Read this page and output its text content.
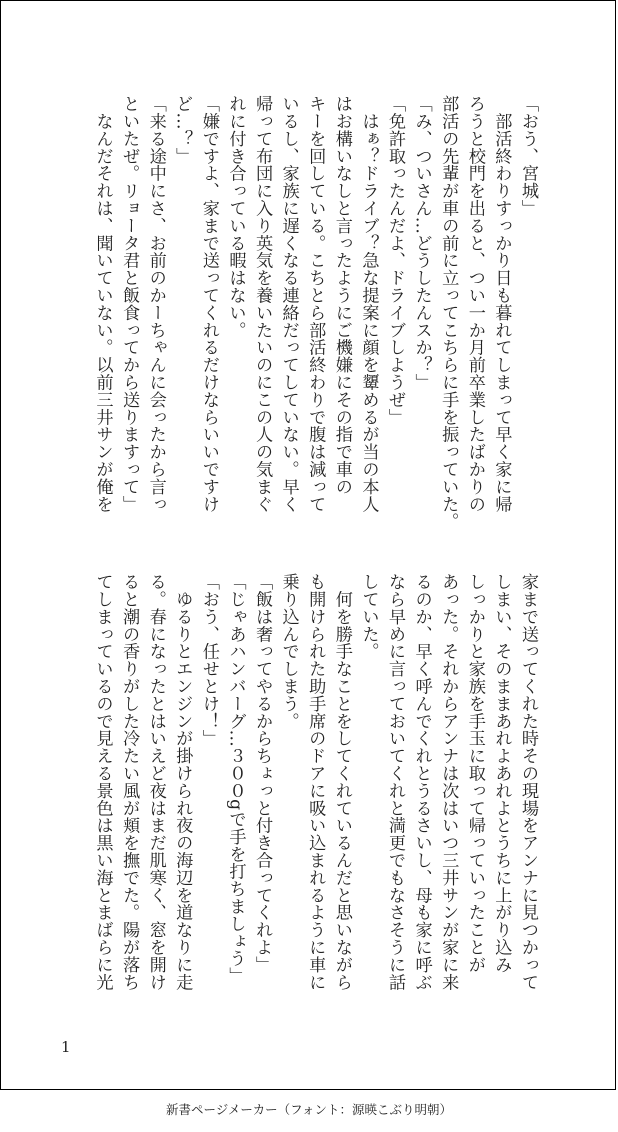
「おう、宮城」

　部活終わりすっかり日も暮れてしまって早く家に帰

ろうと校門を出ると、つい一か月前卒業したばかりの

部活の先輩が車の前に立ってこちらに手を振っていた。

「み、ついさん…どうしたんスか？」

「免許取ったんだよ、ドライブしようぜ」

　はぁ？ドライブ？急な提案に顔を顰めるが当の本人

はお構いなしと言ったようにご機嫌にその指で車の

キーを回している。こちとら部活終わりで腹は減って

いるし、家族に遅くなる連絡だってしていない。早く

帰って布団に入り英気を養いたいのにこの人の気まぐ

れに付き合っている暇はない。

「嫌ですよ、家まで送ってくれるだけならいいですけ

ど…？」

「来る途中にさ、お前のかーちゃんに会ったから言っ

といたぜ。リョータ君と飯食ってから送りますって」

　なんだそれは、聞いていない。以前三井サンが俺を

家まで送ってくれた時その現場をアンナに見つかって

しまい、そのままあれよあれよとうちに上がり込み

しっかりと家族を手玉に取って帰っていったことが

あった。それからアンナは次はいつ三井サンが家に来

るのか、早く呼んでくれとうるさいし、母も家に呼ぶ

なら早めに言っておいてくれと満更でもなさそうに話

していた。

　何を勝手なことをしてくれているんだと思いながら

も開けられた助手席のドアに吸い込まれるように車に

乗り込んでしまう。

「飯は奢ってやるからちょっと付き合ってくれよ」

「じゃあハンバーグ…３００gで手を打ちましょう」

「おう、任せとけ！」

　ゆるりとエンジンが掛けられ夜の海辺を道なりに走

る。春になったとはいえど夜はまだ肌寒く、窓を開け

ると潮の香りがした冷たい風が頬を撫でた。陽が落ち

てしまっているので見える景色は黒い海とまばらに光

1
新書ページメーカー（フォント：源暎こぶり明朝）
